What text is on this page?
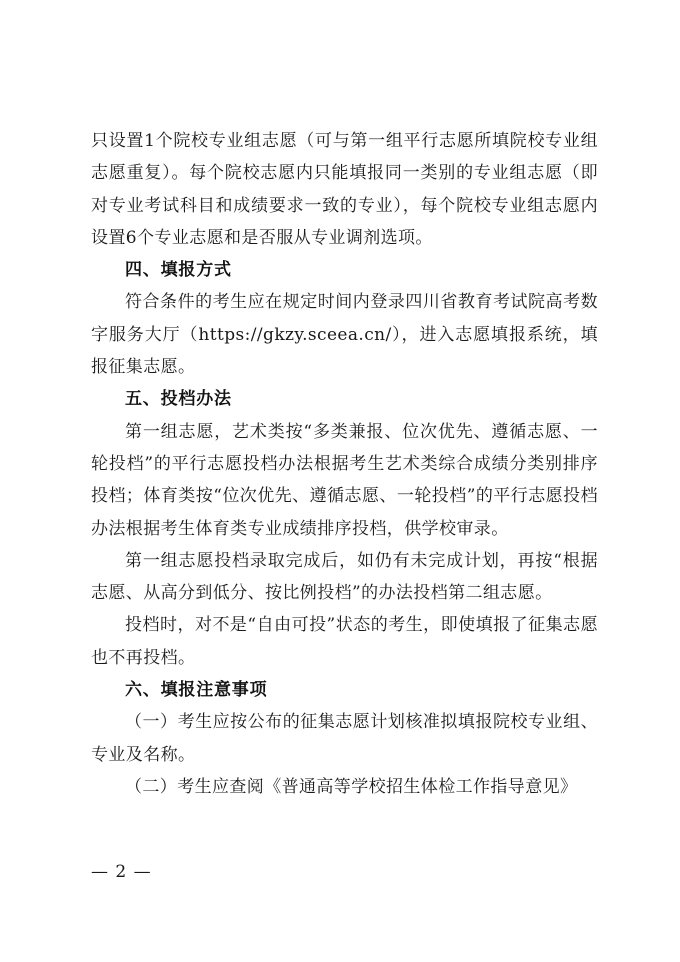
只设置1个院校专业组志愿（可与第一组平行志愿所填院校专业组志愿重复）。每个院校志愿内只能填报同一类别的专业组志愿（即对专业考试科目和成绩要求一致的专业），每个院校专业组志愿内设置6个专业志愿和是否服从专业调剂选项。

四、填报方式

符合条件的考生应在规定时间内登录四川省教育考试院高考数字服务大厅（https://gkzy.sceea.cn/），进入志愿填报系统，填报征集志愿。

五、投档办法

第一组志愿，艺术类按“多类兼报、位次优先、遵循志愿、一轮投档”的平行志愿投档办法根据考生艺术类综合成绩分类别排序投档；体育类按“位次优先、遵循志愿、一轮投档”的平行志愿投档办法根据考生体育类专业成绩排序投档，供学校审录。

第一组志愿投档录取完成后，如仍有未完成计划，再按“根据志愿、从高分到低分、按比例投档”的办法投档第二组志愿。

投档时，对不是“自由可投”状态的考生，即使填报了征集志愿也不再投档。

六、填报注意事项

（一）考生应按公布的征集志愿计划核准拟填报院校专业组、专业及名称。

（二）考生应查阅《普通高等学校招生体检工作指导意见》

— 2 —
